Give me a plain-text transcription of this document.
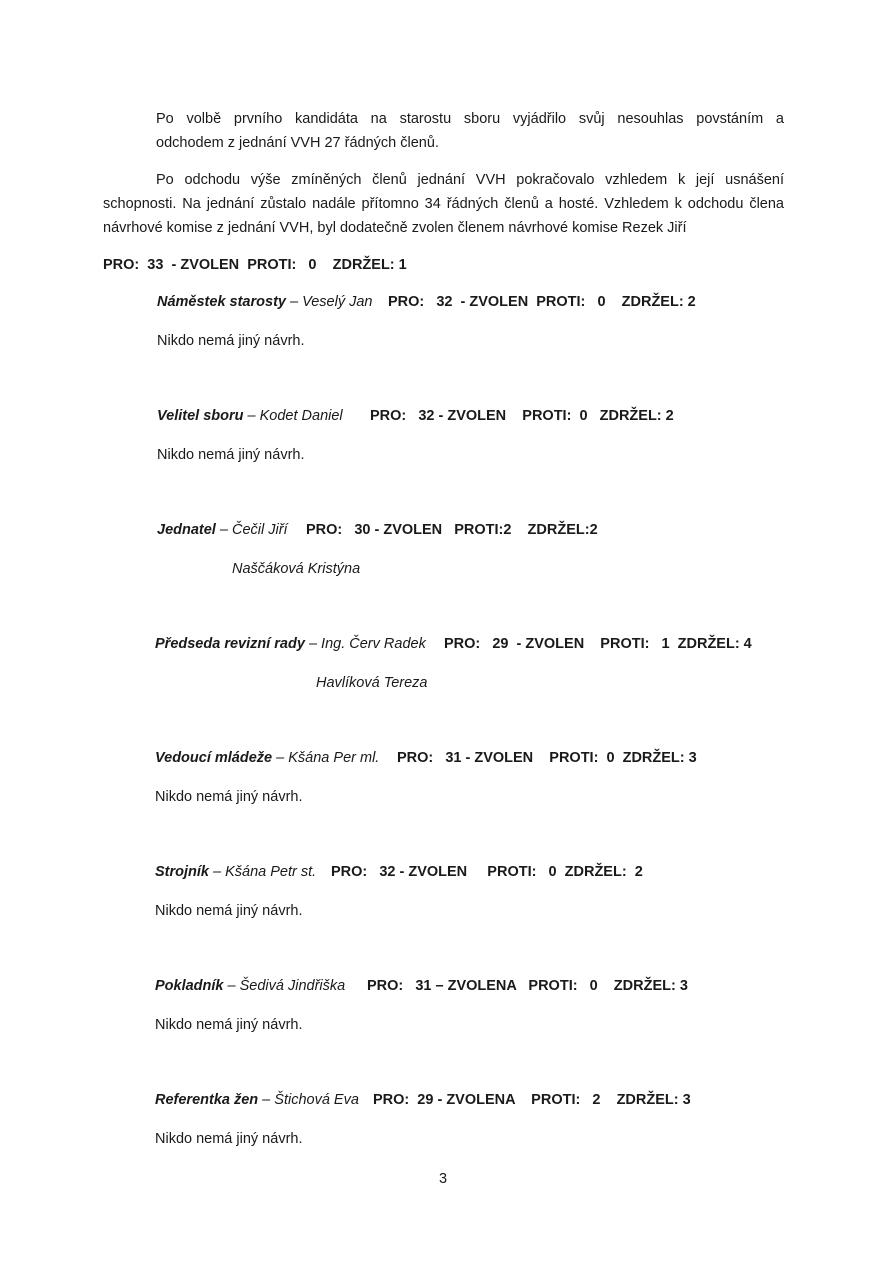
Po volbě prvního kandidáta na starostu sboru vyjádřilo svůj nesouhlas povstáním a
odchodem z jednání VVH 27 řádných členů.
Po odchodu výše zmíněných členů jednání VVH pokračovalo vzhledem k její usnášení
schopnosti. Na jednání zůstalo nadále přítomno 34 řádných členů a hosté. Vzhledem k odchodu člena
návrhové komise z jednání VVH, byl dodatečně zvolen členem návrhové komise Rezek Jiří
PRO:  33  - ZVOLEN  PROTI:   0    ZDRŽEL: 1
Náměstek starosty – Veselý Jan PRO:   32  - ZVOLEN  PROTI:   0    ZDRŽEL: 2
Nikdo nemá jiný návrh.
Velitel sboru – Kodet Daniel PRO:   32 - ZVOLEN    PROTI:  0   ZDRŽEL: 2
Nikdo nemá jiný návrh.
Jednatel – Čečil Jiří PRO:   30 - ZVOLEN   PROTI:2    ZDRŽEL:2
Naščáková Kristýna
Předseda revizní rady – Ing. Červ Radek PRO:   29  - ZVOLEN    PROTI:   1  ZDRŽEL: 4
Havlíková Tereza
Vedoucí mládeže – Kšána Per ml. PRO:   31 - ZVOLEN    PROTI:  0  ZDRŽEL: 3
Nikdo nemá jiný návrh.
Strojník – Kšána Petr st. PRO:   32 - ZVOLEN     PROTI:   0  ZDRŽEL:  2
Nikdo nemá jiný návrh.
Pokladník – Šedivá Jindřiška PRO:   31 – ZVOLENA   PROTI:   0    ZDRŽEL: 3
Nikdo nemá jiný návrh.
Referentka žen – Štichová Eva PRO:  29 - ZVOLENA    PROTI:   2    ZDRŽEL: 3
Nikdo nemá jiný návrh.
3
